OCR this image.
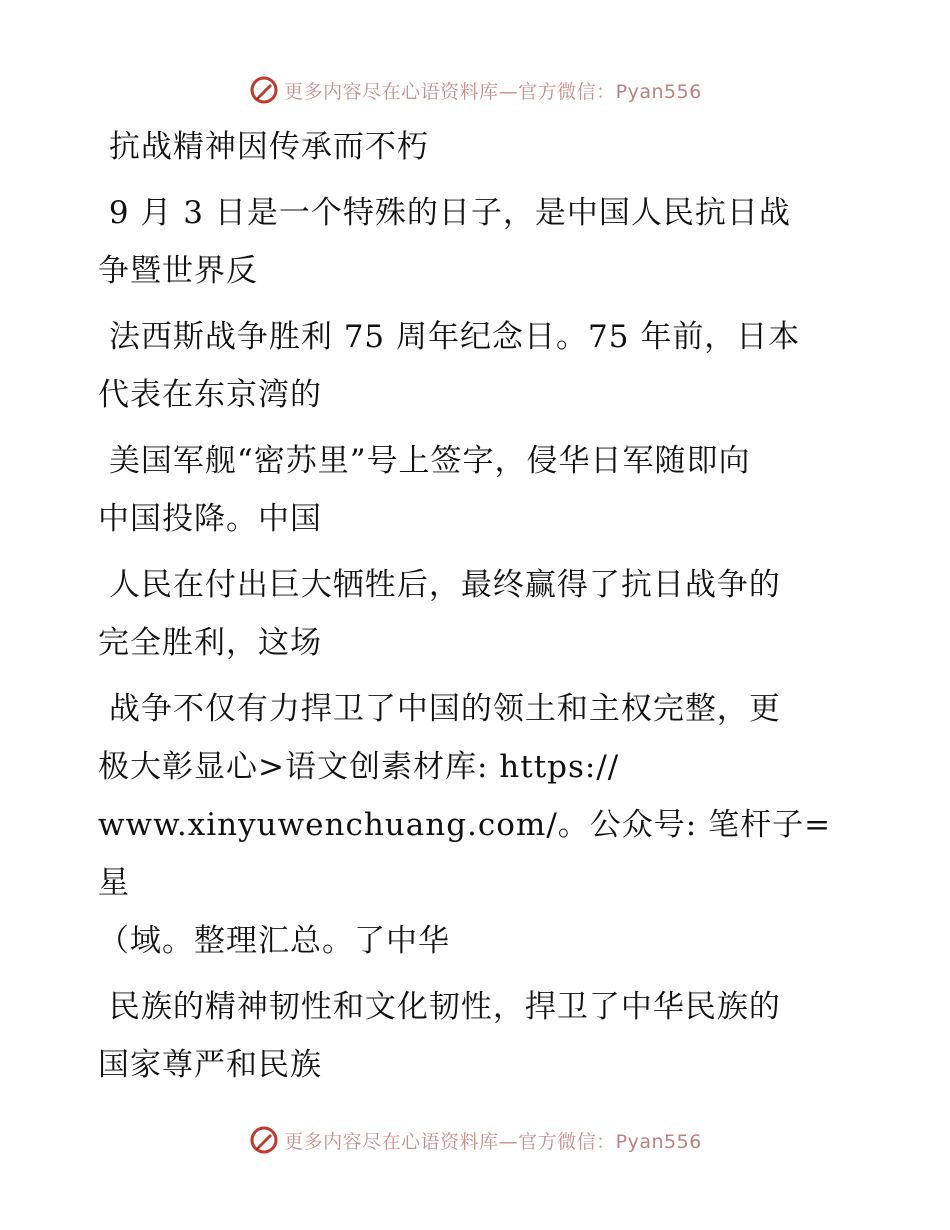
更多内容尽在心语资料库—官方微信：Pyan556

抗战精神因传承而不朽

9 月 3 日是一个特殊的日子，是中国人民抗日战
争暨世界反

法西斯战争胜利 75 周年纪念日。75 年前，日本
代表在东京湾的

美国军舰“密苏里”号上签字，侵华日军随即向
中国投降。中国

人民在付出巨大牺牲后，最终赢得了抗日战争的
完全胜利，这场

战争不仅有力捍卫了中国的领土和主权完整，更
极大彰显心>语文创素材库: https://
www.xinyuwenchuang.com/。公众号: 笔杆子=星
（域。整理汇总。了中华

民族的精神韧性和文化韧性，捍卫了中华民族的
国家尊严和民族

更多内容尽在心语资料库—官方微信：Pyan556
